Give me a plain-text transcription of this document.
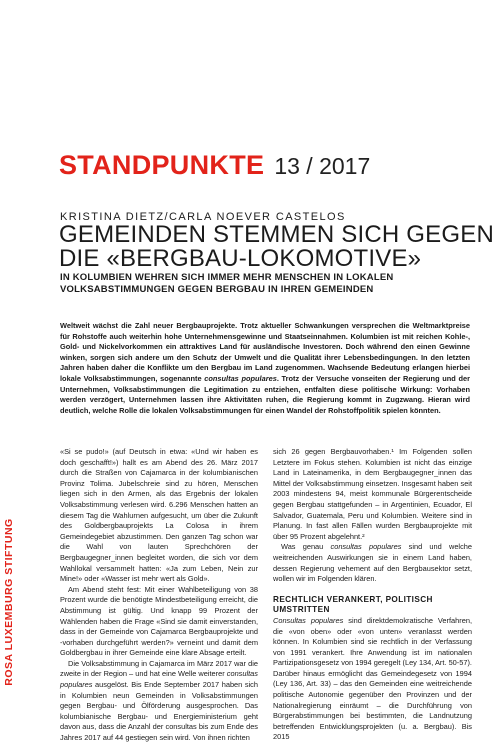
STANDPUNKTE 13 / 2017
KRISTINA DIETZ/CARLA NOEVER CASTELOS
GEMEINDEN STEMMEN SICH GEGEN
DIE «BERGBAU-LOKOMOTIVE»
IN KOLUMBIEN WEHREN SICH IMMER MEHR MENSCHEN IN LOKALEN
VOLKSABSTIMMUNGEN GEGEN BERGBAU IN IHREN GEMEINDEN

Weltweit wächst die Zahl neuer Bergbauprojekte. Trotz aktueller Schwankungen versprechen die Weltmarktpreise für Rohstoffe auch weiterhin hohe Unternehmensgewinne und Staatseinnahmen. Kolumbien ist mit reichen Kohle-, Gold- und Nickelvorkommen ein attraktives Land für ausländische Investoren. Doch während den einen Gewinne winken, sorgen sich andere um den Schutz der Umwelt und die Qualität ihrer Lebensbedingungen. In den letzten Jahren haben daher die Konflikte um den Bergbau im Land zugenommen. Wachsende Bedeutung erlangen hierbei lokale Volksabstimmungen, sogenannte consultas populares. Trotz der Versuche vonseiten der Regierung und der Unternehmen, Volksabstimmungen die Legitimation zu entziehen, entfalten diese politische Wirkung: Vorhaben werden verzögert, Unternehmen lassen ihre Aktivitäten ruhen, die Regierung kommt in Zugzwang. Hieran wird deutlich, welche Rolle die lokalen Volksabstimmungen für einen Wandel der Rohstoffpolitik spielen könnten.

«Si se pudo!» (auf Deutsch in etwa: «Und wir haben es doch geschafft!») hallt es am Abend des 26. März 2017 durch die Straßen von Cajamarca in der kolumbianischen Provinz Tolima. Jubelschreie sind zu hören, Menschen liegen sich in den Armen, als das Ergebnis der lokalen Volksabstimmung verlesen wird. 6.296 Menschen hatten an diesem Tag die Wahlurnen aufgesucht, um über die Zukunft des Goldbergbauprojekts La Colosa in ihrem Gemeindegebiet abzustimmen. Den ganzen Tag schon war die Wahl von lauten Sprechchören der Bergbaugegner_innen begleitet worden, die sich vor dem Wahllokal versammelt hatten: «Ja zum Leben, Nein zur Mine!» oder «Wasser ist mehr wert als Gold».

Am Abend steht fest: Mit einer Wahlbeteiligung von 38 Prozent wurde die benötigte Mindestbeteiligung erreicht, die Abstimmung ist gültig. Und knapp 99 Prozent der Wählenden haben die Frage «Sind sie damit einverstanden, dass in der Gemeinde von Cajamarca Bergbauprojekte und -vorhaben durchgeführt werden?» verneint und damit dem Goldbergbau in ihrer Gemeinde eine klare Absage erteilt.

Die Volksabstimmung in Cajamarca im März 2017 war die zweite in der Region – und hat eine Welle weiterer consultas populares ausgelöst. Bis Ende September 2017 haben sich in Kolumbien neun Gemeinden in Volksabstimmungen gegen Bergbau- und Ölförderung ausgesprochen. Das kolumbianische Bergbau- und Energieministerium geht davon aus, dass die Anzahl der consultas bis zum Ende des Jahres 2017 auf 44 gestiegen sein wird. Von ihnen richten

sich 26 gegen Bergbauvorhaben.¹ Im Folgenden sollen Letztere im Fokus stehen. Kolumbien ist nicht das einzige Land in Lateinamerika, in dem Bergbaugegner_innen das Mittel der Volksabstimmung einsetzen. Insgesamt haben seit 2003 mindestens 94, meist kommunale Bürgerentscheide gegen Bergbau stattgefunden – in Argentinien, Ecuador, El Salvador, Guatemala, Peru und Kolumbien. Weitere sind in Planung. In fast allen Fällen wurden Bergbauprojekte mit über 95 Prozent abgelehnt.²

Was genau consultas populares sind und welche weitreichenden Auswirkungen sie in einem Land haben, dessen Regierung vehement auf den Bergbausektor setzt, wollen wir im Folgenden klären.

RECHTLICH VERANKERT, POLITISCH
UMSTRITTEN

Consultas populares sind direktdemokratische Verfahren, die «von oben» oder «von unten» veranlasst werden können. In Kolumbien sind sie rechtlich in der Verfassung von 1991 verankert. Ihre Anwendung ist im nationalen Partizipationsgesetz von 1994 geregelt (Ley 134, Art. 50-57). Darüber hinaus ermöglicht das Gemeindegesetz von 1994 (Ley 136, Art. 33) – das den Gemeinden eine weitreichende politische Autonomie gegenüber den Provinzen und der Nationalregierung einräumt – die Durchführung von Bürgerabstimmungen bei bestimmten, die Landnutzung betreffenden Entwicklungsprojekten (u. a. Bergbau). Bis 2015

ROSA LUXEMBURG STIFTUNG
